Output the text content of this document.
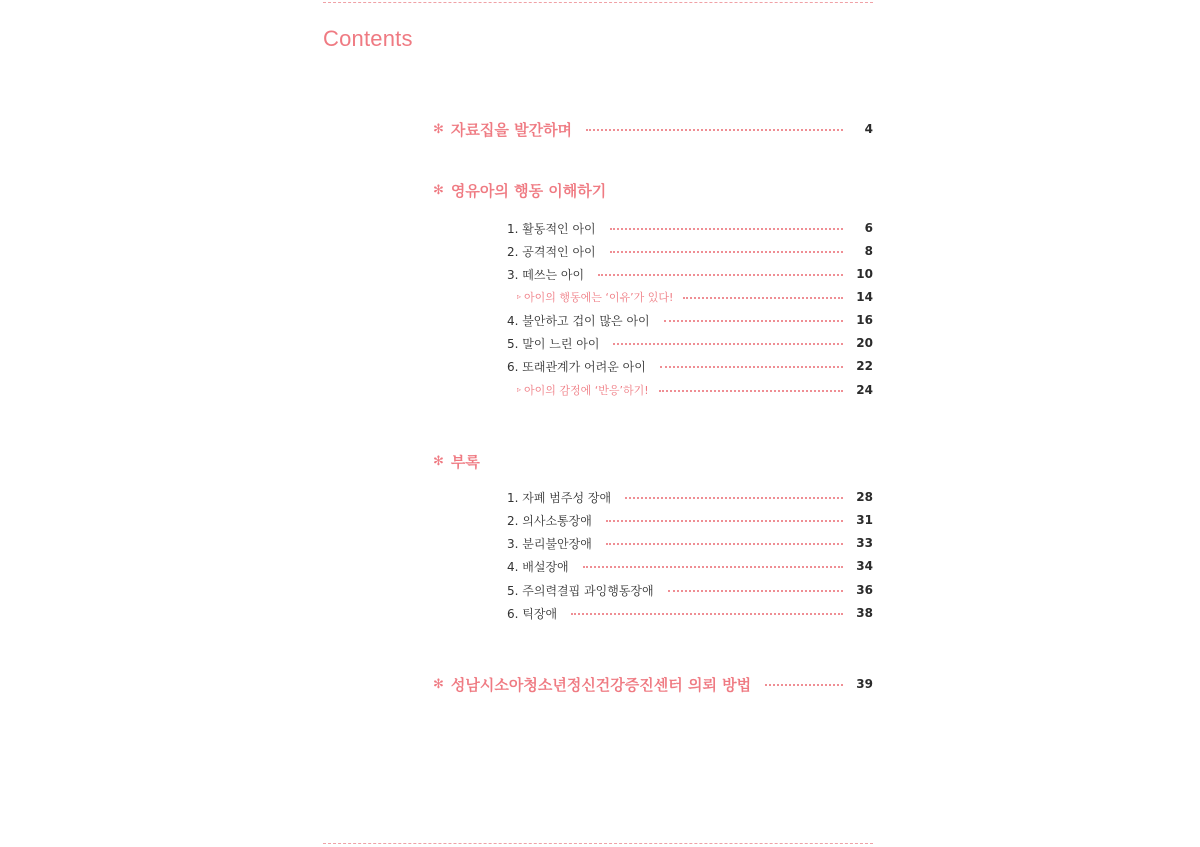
Contents
✻ 자료집을 발간하며	4
✻ 영유아의 행동 이해하기
1. 활동적인 아이	6
2. 공격적인 아이	8
3. 떼쓰는 아이	10
▹ 아이의 행동에는 ‘이유’가 있다!	14
4. 불안하고 겁이 많은 아이	16
5. 말이 느린 아이	20
6. 또래관계가 어려운 아이	22
▹ 아이의 감정에 ‘반응’하기!	24
✻ 부록
1. 자폐 범주성 장애	28
2. 의사소통장애	31
3. 분리불안장애	33
4. 배설장애	34
5. 주의력결핍 과잉행동장애	36
6. 틱장애	38
✻ 성남시소아청소년정신건강증진센터 의뢰 방법	39
